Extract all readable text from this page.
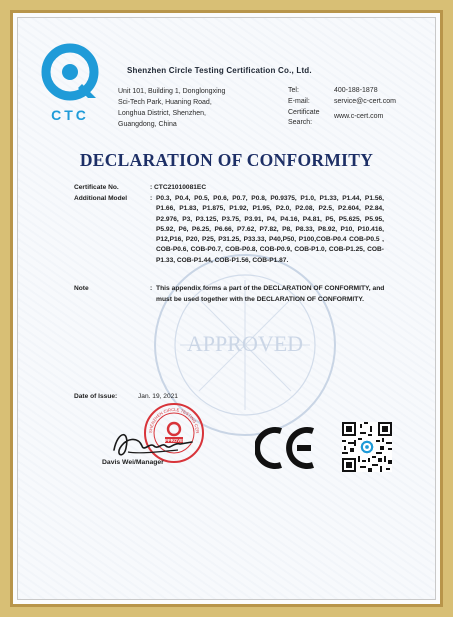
APPROVED
CTC
Shenzhen Circle Testing Certification Co., Ltd.
Unit 101, Building 1, Donglongxing
Sci-Tech Park, Huaning Road,
Longhua District, Shenzhen,
Guangdong, China
Tel:	400-188-1878
E-mail:	service@c-cert.com
Certificate
Search:
www.c-cert.com
DECLARATION OF CONFORMITY
Certificate No.	: CTC21010081EC
Additional Model	: P0.3, P0.4, P0.5, P0.6, P0.7, P0.8, P0.9375, P1.0, P1.33, P1.44, P1.56, P1.66, P1.83, P1.875, P1.92, P1.95, P2.0, P2.08, P2.5, P2.604, P2.84, P2.976, P3, P3.125, P3.75, P3.91, P4, P4.16, P4.81, P5, P5.625, P5.95, P5.92, P6, P6.25, P6.66, P7.62, P7.82, P8, P8.33, P8.92, P10, P10.416, P12,P16, P20, P25, P31.25, P33.33, P40,P50, P100,COB-P0.4 COB-P0.5 , COB-P0.6, COB-P0.7, COB-P0.8, COB-P0.9, COB-P1.0, COB-P1.25, COB-P1.33, COB-P1.44, COB-P1.56, COB-P1.87.
Note	: This appendix forms a part of the DECLARATION OF CONFORMITY, and must be used together with the DECLARATION OF CONFORMITY.
Date of Issue:	Jan. 19, 2021
SHENZHEN CIRCLE TESTING CER
APPROVED
Davis Wei/Manager
